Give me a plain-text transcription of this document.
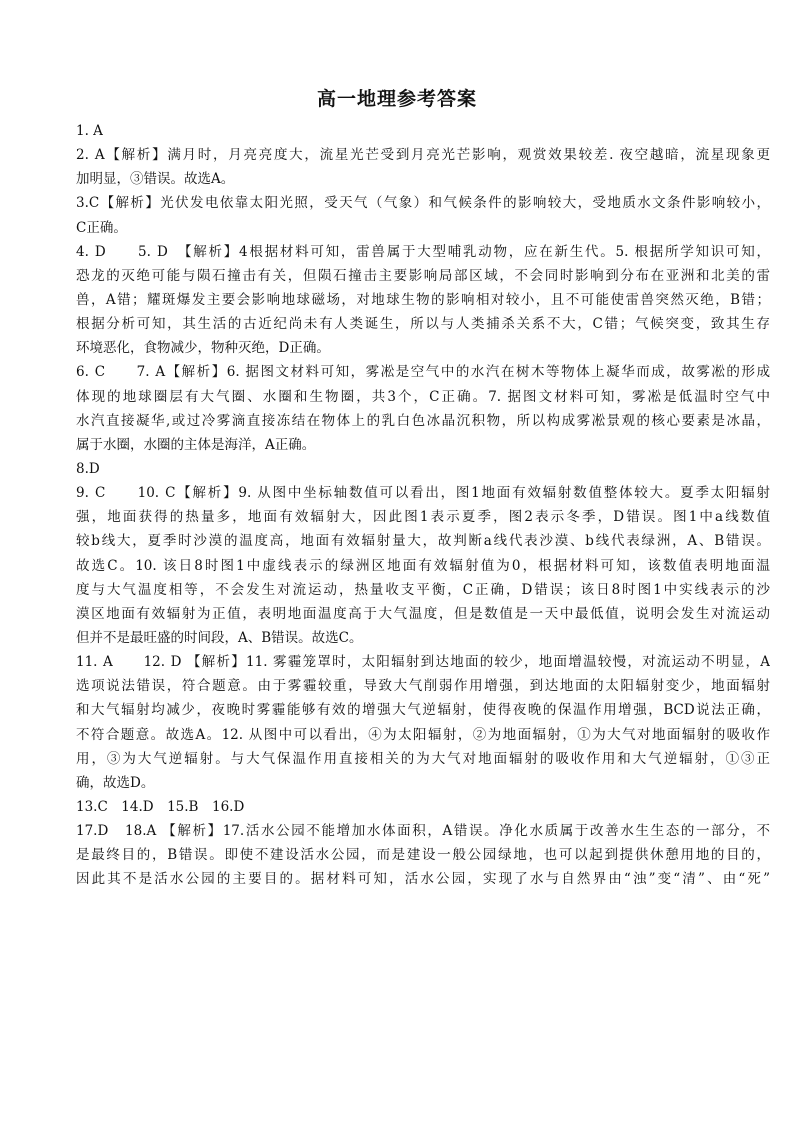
高一地理参考答案
1. A
2. A【解析】满月时，月亮亮度大，流星光芒受到月亮光芒影响，观赏效果较差. 夜空越暗，流星现象更
加明显，③错误。故选A。
3.C【解析】光伏发电依靠太阳光照，受天气（气象）和气候条件的影响较大，受地质水文条件影响较小，
C正确。
4. D　　5. D　【解析】4根据材料可知，雷兽属于大型哺乳动物，应在新生代。5. 根据所学知识可知，
恐龙的灭绝可能与陨石撞击有关，但陨石撞击主要影响局部区域，不会同时影响到分布在亚洲和北美的雷
兽，A错；耀斑爆发主要会影响地球磁场，对地球生物的影响相对较小，且不可能使雷兽突然灭绝，B错；
根据分析可知，其生活的古近纪尚未有人类诞生，所以与人类捕杀关系不大，C错；气候突变，致其生存
环境恶化，食物减少，物种灭绝，D正确。
6. C　　7. A【解析】6. 据图文材料可知，雾凇是空气中的水汽在树木等物体上凝华而成，故雾凇的形成
体现的地球圈层有大气圈、水圈和生物圈，共3个，C正确。7. 据图文材料可知，雾凇是低温时空气中
水汽直接凝华,或过冷雾滴直接冻结在物体上的乳白色冰晶沉积物，所以构成雾凇景观的核心要素是冰晶，
属于水圈，水圈的主体是海洋，A正确。
8.D
9. C　　10. C【解析】9. 从图中坐标轴数值可以看出，图1地面有效辐射数值整体较大。夏季太阳辐射
强，地面获得的热量多，地面有效辐射大，因此图1表示夏季，图2表示冬季，D错误。图1中a线数值
较b线大，夏季时沙漠的温度高，地面有效辐射量大，故判断a线代表沙漠、b线代表绿洲，A、B错误。
故选C。10. 该日8时图1中虚线表示的绿洲区地面有效辐射值为0，根据材料可知，该数值表明地面温
度与大气温度相等，不会发生对流运动，热量收支平衡，C正确，D错误；该日8时图1中实线表示的沙
漠区地面有效辐射为正值，表明地面温度高于大气温度，但是数值是一天中最低值，说明会发生对流运动
但并不是最旺盛的时间段，A、B错误。故选C。
11. A　　12. D 【解析】11. 雾霾笼罩时，太阳辐射到达地面的较少，地面增温较慢，对流运动不明显，A
选项说法错误，符合题意。由于雾霾较重，导致大气削弱作用增强，到达地面的太阳辐射变少，地面辐射
和大气辐射均减少，夜晚时雾霾能够有效的增强大气逆辐射，使得夜晚的保温作用增强，BCD说法正确，
不符合题意。故选A。12. 从图中可以看出，④为太阳辐射，②为地面辐射，①为大气对地面辐射的吸收作
用，③为大气逆辐射。与大气保温作用直接相关的为大气对地面辐射的吸收作用和大气逆辐射，①③正
确，故选D。
13.C　14.D　15.B　16.D
17.D　18.A 【解析】17.活水公园不能增加水体面积，A错误。净化水质属于改善水生生态的一部分，不
是最终目的，B错误。即使不建设活水公园，而是建设一般公园绿地，也可以起到提供休憩用地的目的，
因此其不是活水公园的主要目的。据材料可知，活水公园，实现了水与自然界由“浊”变“清”、由“死”
